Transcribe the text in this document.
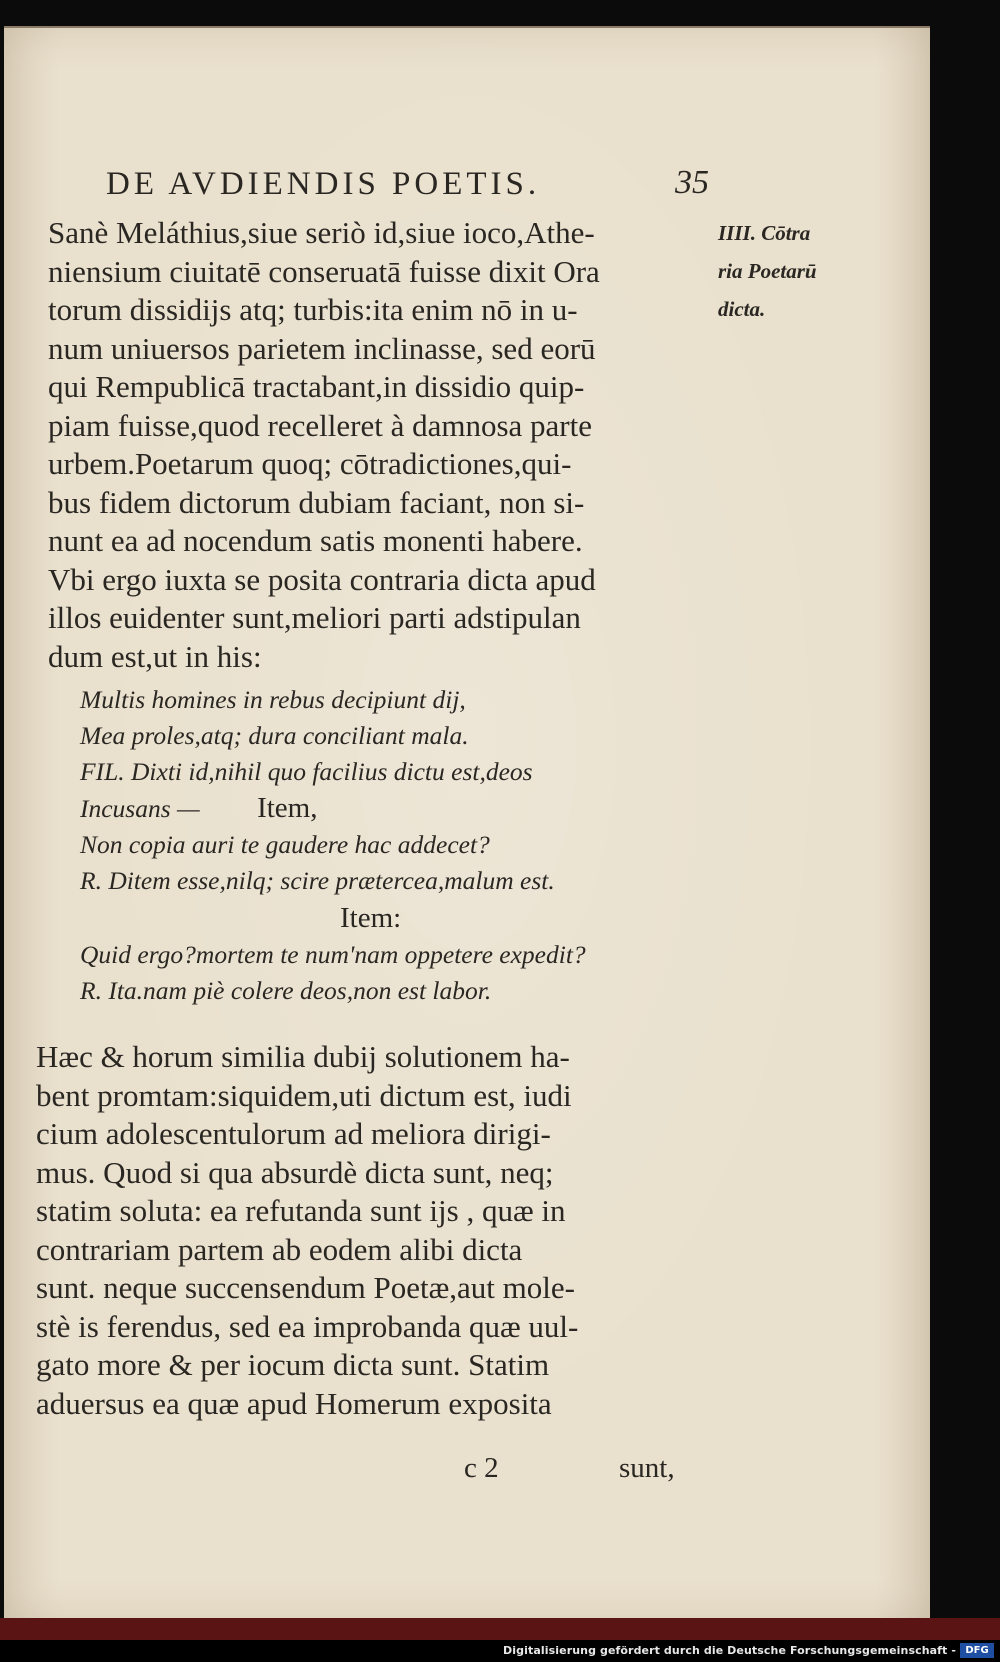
DE AVDIENDIS POETIS.	35
IIII. Cōtra
ria Poetarū
dicta.
Sanè Meláthius,siue seriò id,siue ioco,Athe-
niensium ciuitatē conseruatā fuisse dixit Ora
torum dissidijs atq; turbis:ita enim nō in u-
num uniuersos parietem inclinasse, sed eorū
qui Rempublicā tractabant,in dissidio quip-
piam fuisse,quod recelleret à damnosa parte
urbem.Poetarum quoq; cōtradictiones,qui-
bus fidem dictorum dubiam faciant, non si-
nunt ea ad nocendum satis monenti habere.
Vbi ergo iuxta se posita contraria dicta apud
illos euidenter sunt,meliori parti adstipulan
dum est,ut in his:
Multis homines in rebus decipiunt dij,
Mea proles,atq; dura conciliant mala.
FIL. Dixti id,nihil quo facilius dictu est,deos
Incusans — Item,
Non copia auri te gaudere hac addecet?
R. Ditem esse,nilq; scire prætercea,malum est.
Item:
Quid ergo?mortem te num'nam oppetere expedit?
R. Ita.nam piè colere deos,non est labor.
Hæc & horum similia dubij solutionem ha-
bent promtam:siquidem,uti dictum est, iudi
cium adolescentulorum ad meliora dirigi-
mus. Quod si qua absurdè dicta sunt, neq;
statim soluta: ea refutanda sunt ijs , quæ in
contrariam partem ab eodem alibi dicta
sunt. neque succensendum Poetæ,aut mole-
stè is ferendus, sed ea improbanda quæ uul-
gato more & per iocum dicta sunt. Statim
aduersus ea quæ apud Homerum exposita
c 2	sunt,
Digitalisierung gefördert durch die Deutsche Forschungsgemeinschaft - DFG
